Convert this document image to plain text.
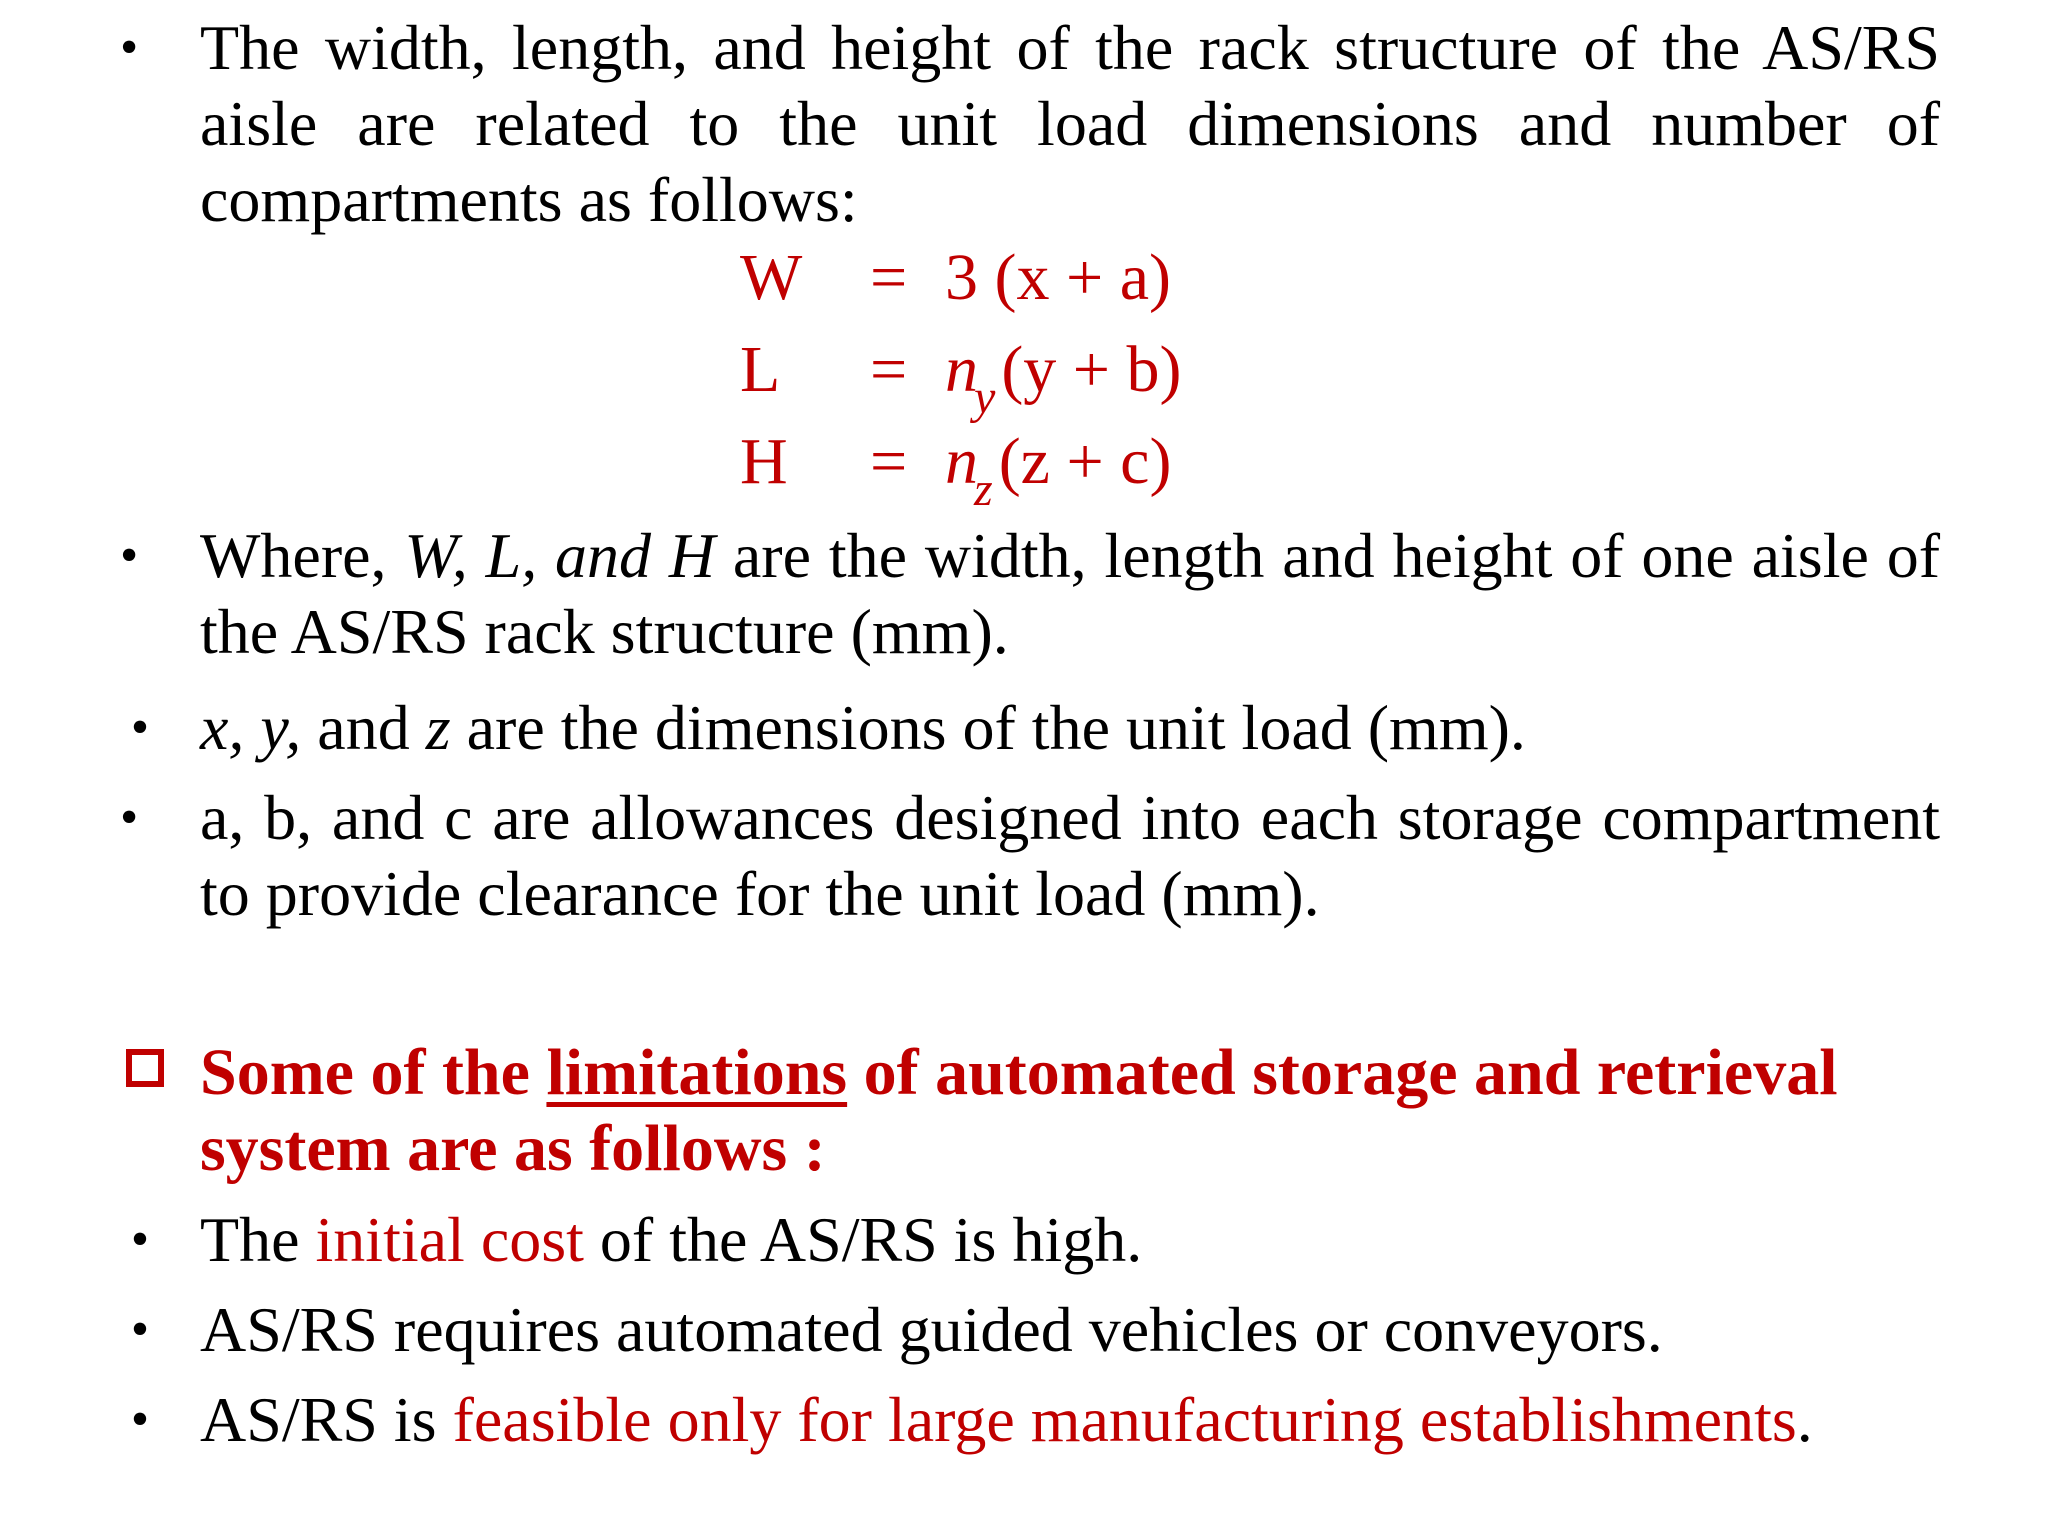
• The width, length, and height of the rack structure of the AS/RS aisle are related to the unit load dimensions and number of compartments as follows:
W = 3 (x + a)
L	= $n_y(y + b)$
H	= $n_z(z + c)$
• Where, W, L, and H are the width, length and height of one aisle of the AS/RS rack structure (mm).
• x, y, and z are the dimensions of the unit load (mm).
• a, b, and c are allowances designed into each storage compartment to provide clearance for the unit load (mm).
Some of the limitations of automated storage and retrieval system are as follows :
• The initial cost of the AS/RS is high.
• AS/RS requires automated guided vehicles or conveyors.
• AS/RS is feasible only for large manufacturing establishments.
